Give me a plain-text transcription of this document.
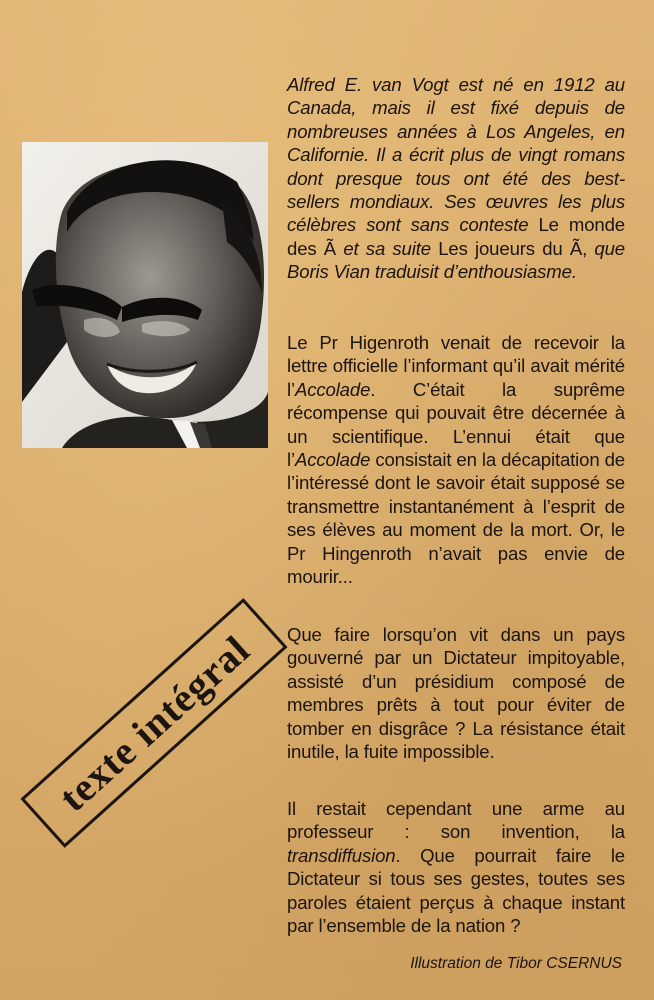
Alfred E. van Vogt est né en 1912 au Canada, mais il est fixé depuis de nombreuses années à Los Angeles, en Californie. Il a écrit plus de vingt romans dont presque tous ont été des best-sellers mondiaux. Ses œuvres les plus célèbres sont sans conteste Le monde des Ã et sa suite Les joueurs du Ã, que Boris Vian traduisit d’enthousiasme.

Le Pr Higenroth venait de recevoir la lettre officielle l’informant qu’il avait mérité l’Accolade. C’était la suprême récompense qui pouvait être décernée à un scientifique. L’ennui était que l’Accolade consistait en la décapitation de l’intéressé dont le savoir était supposé se transmettre instantanément à l’esprit de ses élèves au moment de la mort. Or, le Pr Hingenroth n’avait pas envie de mourir...

Que faire lorsqu’on vit dans un pays gouverné par un Dictateur impitoyable, assisté d’un présidium composé de membres prêts à tout pour éviter de tomber en disgrâce ? La résistance était inutile, la fuite impossible.

Il restait cependant une arme au professeur : son invention, la transdiffusion. Que pourrait faire le Dictateur si tous ses gestes, toutes ses paroles étaient perçus à chaque instant par l’ensemble de la nation ?

texte intégral
Illustration de Tibor CSERNUS
